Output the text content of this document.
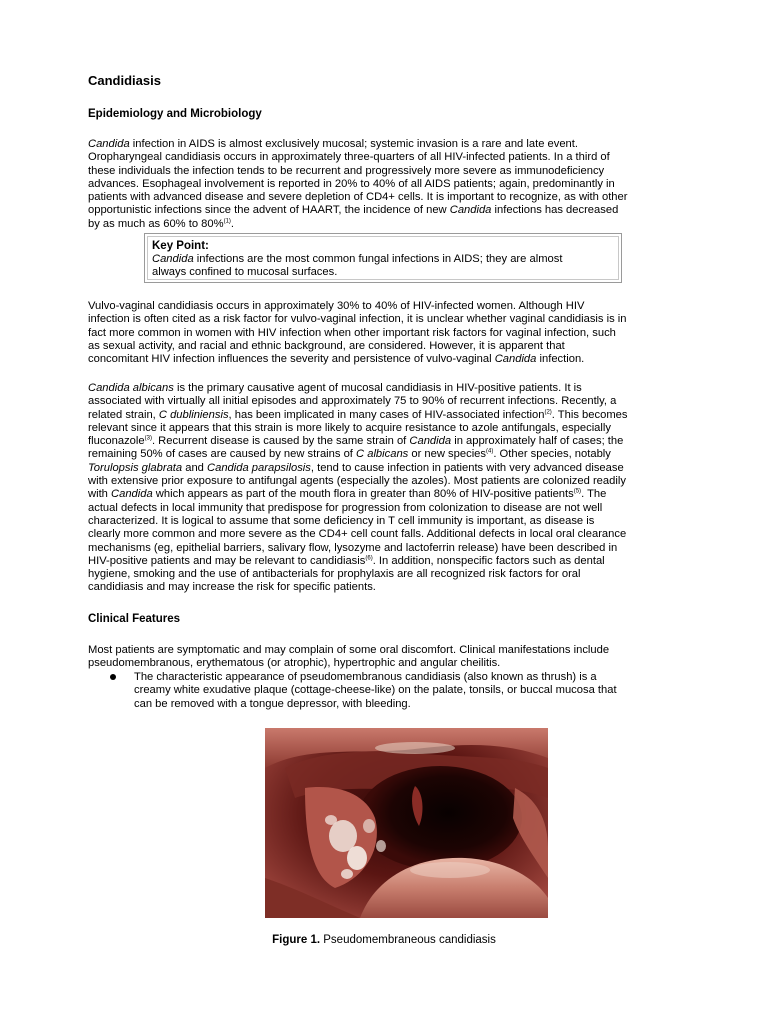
Candidiasis
Epidemiology and Microbiology
Candida infection in AIDS is almost exclusively mucosal; systemic invasion is a rare and late event.
Oropharyngeal candidiasis occurs in approximately three-quarters of all HIV-infected patients. In a third of
these individuals the infection tends to be recurrent and progressively more severe as immunodeficiency
advances. Esophageal involvement is reported in 20% to 40% of all AIDS patients; again, predominantly in
patients with advanced disease and severe depletion of CD4+ cells. It is important to recognize, as with other
opportunistic infections since the advent of HAART, the incidence of new Candida infections has decreased
by as much as 60% to 80%$^{(1)}$.
Key Point:
Candida infections are the most common fungal infections in AIDS; they are almost
always confined to mucosal surfaces.
Vulvo-vaginal candidiasis occurs in approximately 30% to 40% of HIV-infected women. Although HIV
infection is often cited as a risk factor for vulvo-vaginal infection, it is unclear whether vaginal candidiasis is in
fact more common in women with HIV infection when other important risk factors for vaginal infection, such
as sexual activity, and racial and ethnic background, are considered. However, it is apparent that
concomitant HIV infection influences the severity and persistence of vulvo-vaginal Candida infection.
Candida albicans is the primary causative agent of mucosal candidiasis in HIV-positive patients. It is
associated with virtually all initial episodes and approximately 75 to 90% of recurrent infections. Recently, a
related strain, C dubliniensis, has been implicated in many cases of HIV-associated infection$^{(2)}$. This becomes
relevant since it appears that this strain is more likely to acquire resistance to azole antifungals, especially
fluconazole$^{(3)}$. Recurrent disease is caused by the same strain of Candida in approximately half of cases; the
remaining 50% of cases are caused by new strains of C albicans or new species$^{(4)}$. Other species, notably
Torulopsis glabrata and Candida parapsilosis, tend to cause infection in patients with very advanced disease
with extensive prior exposure to antifungal agents (especially the azoles). Most patients are colonized readily
with Candida which appears as part of the mouth flora in greater than 80% of HIV-positive patients$^{(5)}$. The
actual defects in local immunity that predispose for progression from colonization to disease are not well
characterized. It is logical to assume that some deficiency in T cell immunity is important, as disease is
clearly more common and more severe as the CD4+ cell count falls. Additional defects in local oral clearance
mechanisms (eg, epithelial barriers, salivary flow, lysozyme and lactoferrin release) have been described in
HIV-positive patients and may be relevant to candidiasis$^{(6)}$. In addition, nonspecific factors such as dental
hygiene, smoking and the use of antibacterials for prophylaxis are all recognized risk factors for oral
candidiasis and may increase the risk for specific patients.
Clinical Features
Most patients are symptomatic and may complain of some oral discomfort. Clinical manifestations include
pseudomembranous, erythematous (or atrophic), hypertrophic and angular cheilitis.
The characteristic appearance of pseudomembranous candidiasis (also known as thrush) is a
creamy white exudative plaque (cottage-cheese-like) on the palate, tonsils, or buccal mucosa that
can be removed with a tongue depressor, with bleeding.
Figure 1. Pseudomembraneous candidiasis
